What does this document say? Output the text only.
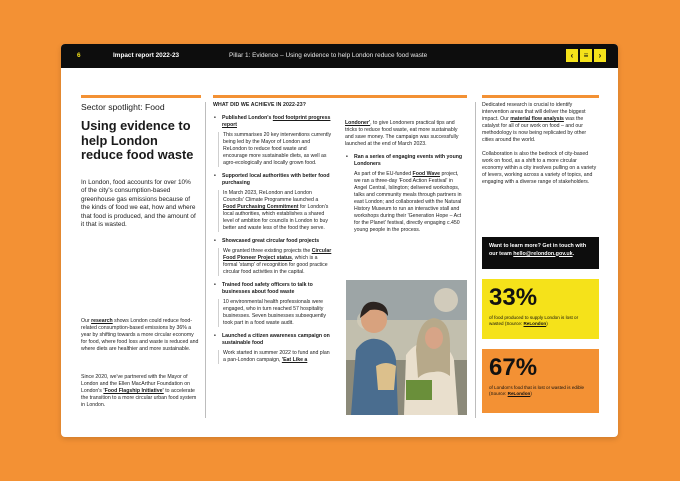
6	Impact report 2022-23	Pillar 1: Evidence – Using evidence to help London reduce food waste	‹	≡	›
Sector spotlight: Food
Using evidence to help London reduce food waste
In London, food accounts for over 10% of the city's consumption-based greenhouse gas emissions because of the kinds of food we eat, how and where that food is produced, and the amount of it that is wasted.
Our research shows London could reduce food-related consumption-based emissions by 36% a year by shifting towards a more circular economy for food, where food loss and waste is reduced and where diets are healthier and more sustainable.
Since 2020, we've partnered with the Mayor of London and the Ellen MacArthur Foundation on London's 'Food Flagship Initiative' to accelerate the transition to a more circular urban food system in London.
WHAT DID WE ACHIEVE IN 2022-23?
• Published London's food footprint progress report
This summarises 20 key interventions currently being led by the Mayor of London and ReLondon to reduce food waste and encourage more sustainable diets, as well as agro-ecologically and locally grown food.
• Supported local authorities with better food purchasing
In March 2023, ReLondon and London Councils' Climate Programme launched a Food Purchasing Commitment for London's local authorities, which establishes a shared level of ambition for councils in London to buy better and waste less of the food they serve.
• Showcased great circular food projects
We granted three existing projects the Circular Food Pioneer Project status, which is a formal 'stamp' of recognition for good practice circular food activities in the capital.
• Trained food safety officers to talk to businesses about food waste
10 environmental health professionals were engaged, who in turn reached 57 hospitality businesses. Seven businesses subsequently took part in a food waste audit.
• Launched a citizen awareness campaign on sustainable food
Work started in summer 2022 to fund and plan a pan-London campaign, 'Eat Like a
Londoner', to give Londoners practical tips and tricks to reduce food waste, eat more sustainably and save money. The campaign was successfully launched at the end of March 2023.
• Ran a series of engaging events with young Londoners
As part of the EU-funded Food Wave project, we ran a three-day 'Food Action Festival' in Angel Central, Islington; delivered workshops, talks and community meals through partners in east London; and collaborated with the Natural History Museum to run an interactive stall and workshops during their 'Generation Hope – Act for the Planet' festival, directly engaging c.450 young people in the process.
Dedicated research is crucial to identify intervention areas that will deliver the biggest impact. Our material flow analysis was the catalyst for all of our work on food – and our methodology is now being replicated by other cities around the world.
Collaboration is also the bedrock of city-based work on food, as a shift to a more circular economy within a city involves pulling on a variety of levers, working across a variety of topics, and engaging with a diverse range of stakeholders.
Want to learn more? Get in touch with our team hello@relondon.gov.uk.
33%
of food produced to supply London is lost or wasted (Source: ReLondon)
67%
of London's food that is lost or wasted is edible (Source: ReLondon)
